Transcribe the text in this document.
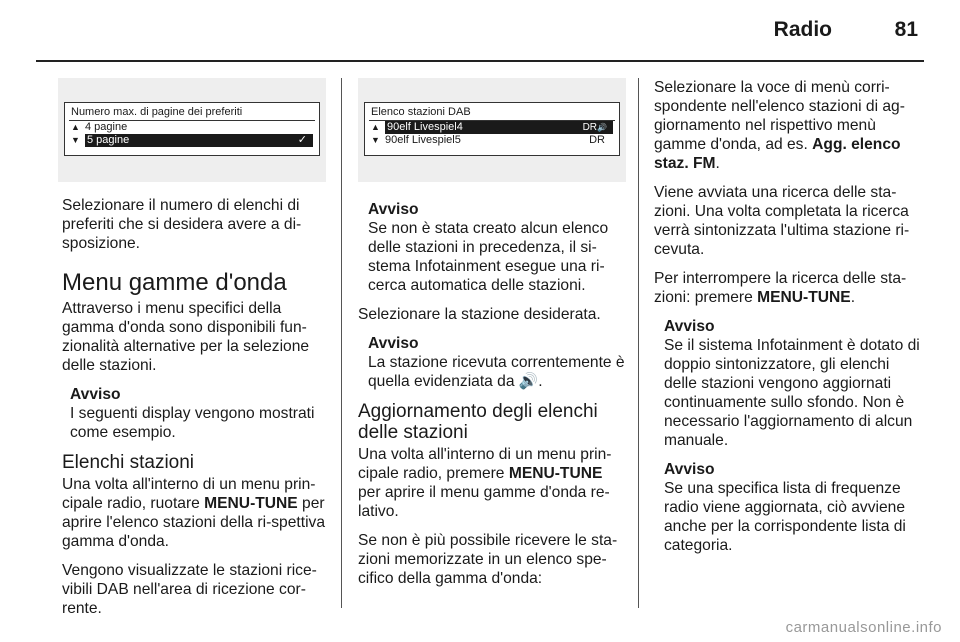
Radio	81
Numero max. di pagine dei preferiti
▲ 4 pagine
▼ 5 pagine	✓
Elenco stazioni DAB
▲ 90elf Livespiel4	DR🔊
▼ 90elf Livespiel5	DR

Selezionare il numero di elenchi di preferiti che si desidera avere a di-sposizione.

Menu gamme d'onda

Attraverso i menu specifici della gamma d'onda sono disponibili fun-zionalità alternative per la selezione delle stazioni.

Avviso
I seguenti display vengono mostrati come esempio.
Elenchi stazioni

Una volta all'interno di un menu prin-cipale radio, ruotare MENU-TUNE per aprire l'elenco stazioni della ri-spettiva gamma d'onda.

Vengono visualizzate le stazioni rice-vibili DAB nell'area di ricezione cor-rente.

Avviso
Se non è stata creato alcun elenco delle stazioni in precedenza, il si-stema Infotainment esegue una ri-cerca automatica delle stazioni.

Selezionare la stazione desiderata.

Avviso
La stazione ricevuta correntemente è quella evidenziata da 🔊.
Aggiornamento degli elenchi delle stazioni

Una volta all'interno di un menu prin-cipale radio, premere MENU-TUNE per aprire il menu gamme d'onda re-lativo.

Se non è più possibile ricevere le sta-zioni memorizzate in un elenco spe-cifico della gamma d'onda:

Selezionare la voce di menù corri-spondente nell'elenco stazioni di ag-giornamento nel rispettivo menù gamme d'onda, ad es. Agg. elenco staz. FM.

Viene avviata una ricerca delle sta-zioni. Una volta completata la ricerca verrà sintonizzata l'ultima stazione ri-cevuta.

Per interrompere la ricerca delle sta-zioni: premere MENU-TUNE.

Avviso
Se il sistema Infotainment è dotato di doppio sintonizzatore, gli elenchi delle stazioni vengono aggiornati continuamente sullo sfondo. Non è necessario l'aggiornamento di alcun manuale.
Avviso
Se una specifica lista di frequenze radio viene aggiornata, ciò avviene anche per la corrispondente lista di categoria.
carmanualsonline.info
